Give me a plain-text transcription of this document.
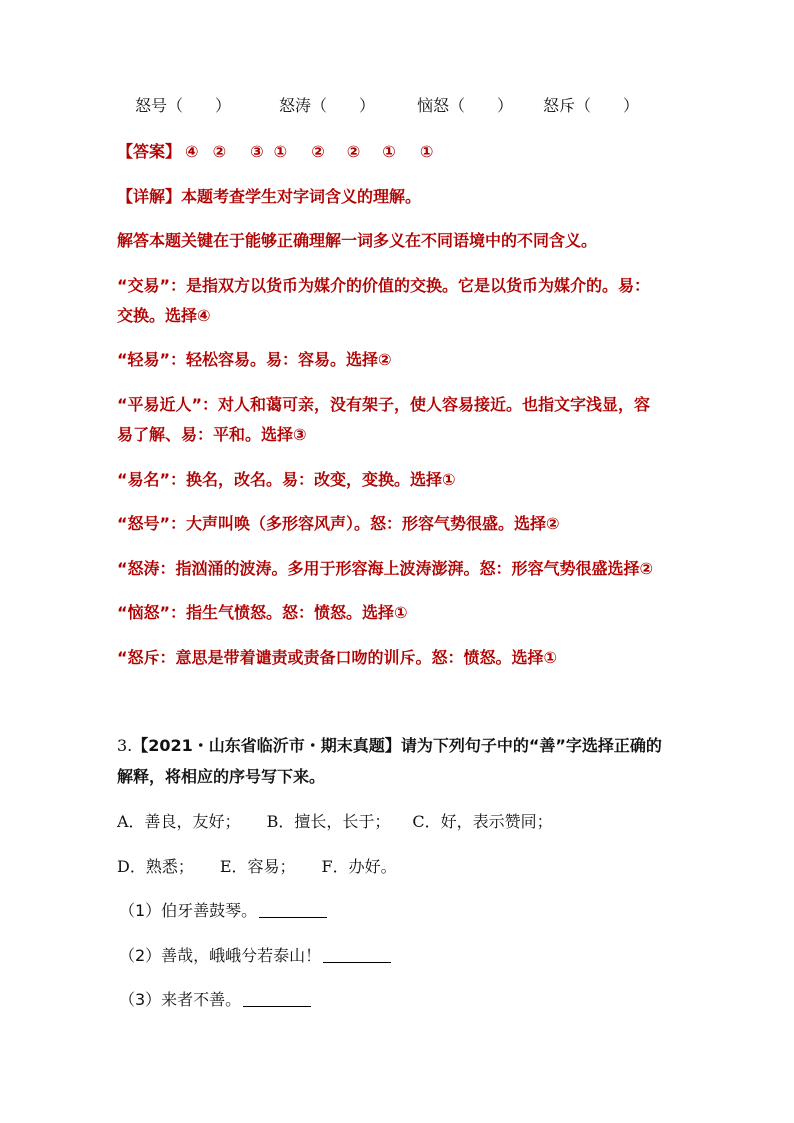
怒号（　　）	怒涛（　　）	恼怒（　　） 怒斥（　　）
【答案】 ④ ② ③ ① ② ② ① ①
【详解】本题考查学生对字词含义的理解。
解答本题关键在于能够正确理解一词多义在不同语境中的不同含义。
“交易”：是指双方以货币为媒介的价值的交换。它是以货币为媒介的。易：
交换。选择④
“轻易”：轻松容易。易：容易。选择②
“平易近人”：对人和蔼可亲，没有架子，使人容易接近。也指文字浅显，容
易了解、易：平和。选择③
“易名”：换名，改名。易：改变，变换。选择①
“怒号”：大声叫唤（多形容风声）。怒：形容气势很盛。选择②
“怒涛：指汹涌的波涛。多用于形容海上波涛澎湃。怒：形容气势很盛选择②
“恼怒”：指生气愤怒。怒：愤怒。选择①
“怒斥：意思是带着谴责或责备口吻的训斥。怒：愤怒。选择①
3.【2021・山东省临沂市・期末真题】请为下列句子中的“善”字选择正确的
解释，将相应的序号写下来。
A．善良，友好； B．擅长，长于； C．好，表示赞同；
D．熟悉； E．容易； F．办好。
（1）伯牙善鼓琴。
（2）善哉，峨峨兮若泰山！
（3）来者不善。
